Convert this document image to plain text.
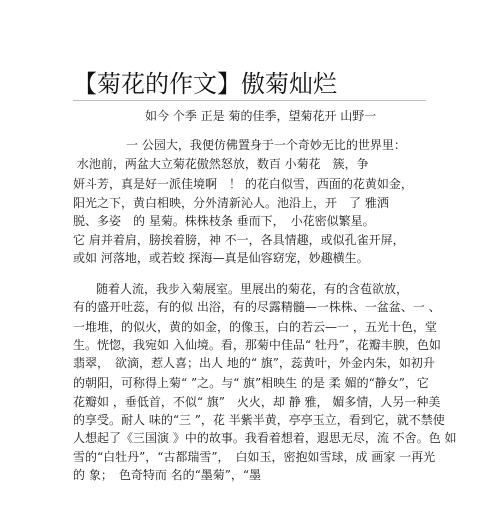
【菊花的作文】傲菊灿烂
如今 个季 正是 菊的佳季，望菊花开 山野一
一 公园大，我便仿佛置身于一个奇妙无比的世界里：
水池前，两盆大立菊花傲然怒放，数百 小菊花　簇，争
妍斗芳，真是好一派佳境啊　！ 的花白似雪，西面的花黄如金，
阳光之下，黄白相映，分外清新沁人。池沿上，开　了 雅洒
脱、多姿　的 星菊。株株枝条 垂而下，　小花密似繁星。
它 肩并着肩，膀挨着膀，神 不一，各具情趣，或似孔雀开屏，
或如 河落地，或若蛟 探海—真是仙容窈宠，妙趣横生。
随着人流，我步入菊展室。里展出的菊花，有的含苞欲放，
有的盛开吐蕊，有的似 出浴，有的尽露精髓—一株株、一盆盆、一 、
一堆堆，的似火，黄的如金，的像玉，白的若云—一 ，五光十色，堂
生。恍惚，我宛如 入仙境。看，那菊中佳品“ 牡丹”，花瓣丰腴，色如
翡翠，　欲滴，惹人喜；出人 地的“ 旗”，蕊黄叶，外金内朱，如初升
的朝阳，可称得上菊“ ”之。与“ 旗”相映生 的是 柔 媚的“静女”，它
花瓣如 ，垂低首，不似“ 旗”　火火，却 静 雅， 媚多情，人另一种美
的享受。耐人 味的“三 ”，花 半紫半黄，亭亭玉立，看到它，就不禁使
人想起了《三国演 》中的故事。我看着想着，遐思无尽，流 不舍。色 如
雪的“白牡丹”，“古都瑞雪”，　白如玉，密抱如雪球，成 画家 一再光
的 象；　色奇特而 名的“墨菊”，“墨
